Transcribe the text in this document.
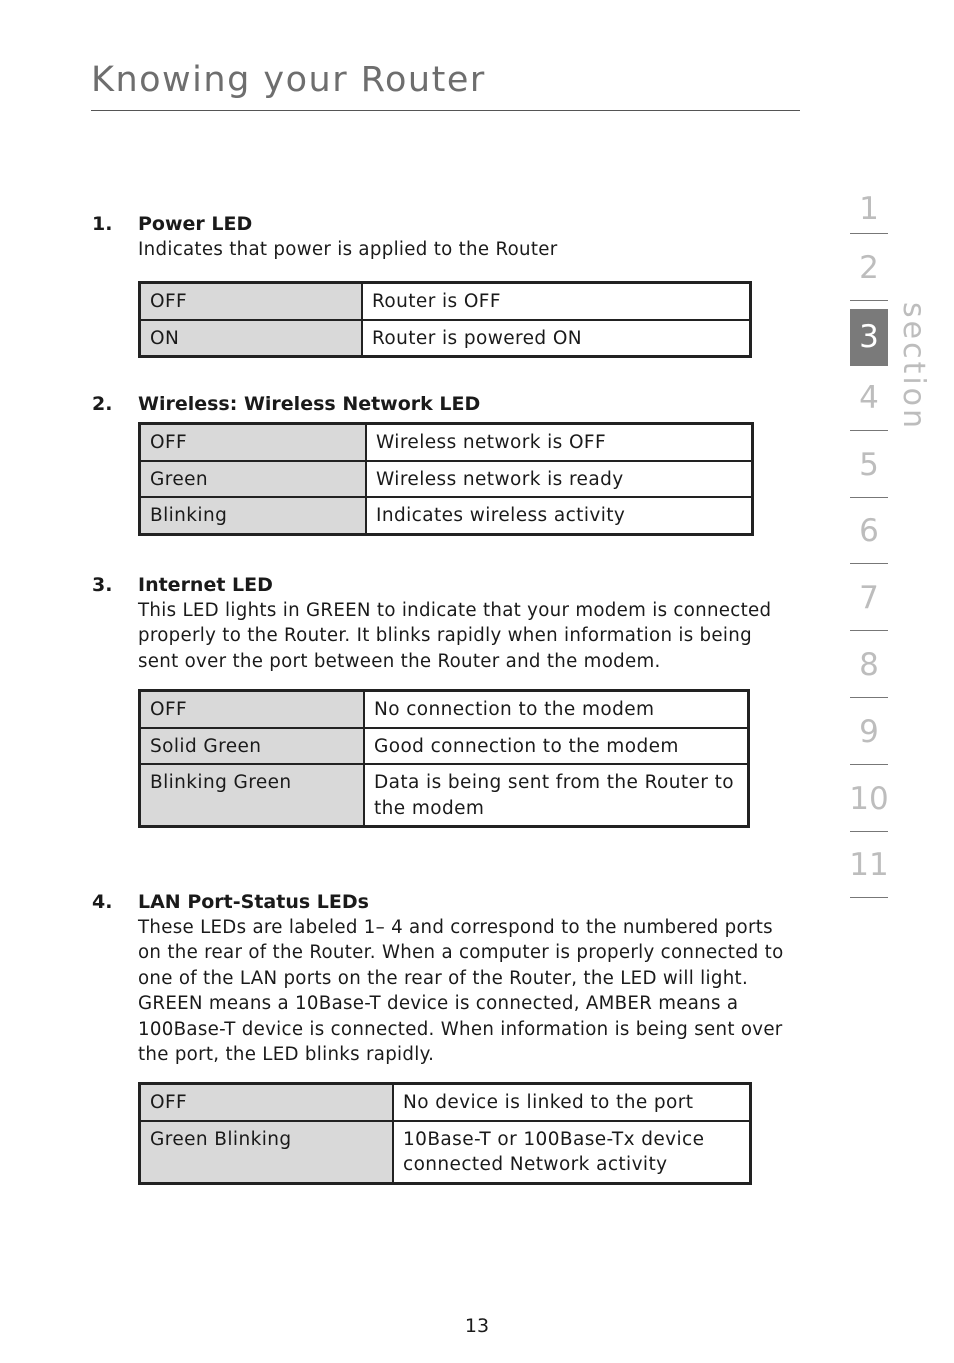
Knowing your Router
1. Power LED
Indicates that power is applied to the Router
OFF	Router is OFF
ON	Router is powered ON
2. Wireless: Wireless Network LED
OFF	Wireless network is OFF
Green	Wireless network is ready
Blinking	Indicates wireless activity
3. Internet LED
This LED lights in GREEN to indicate that your modem is connected properly to the Router. It blinks rapidly when information is being sent over the port between the Router and the modem.
OFF	No connection to the modem
Solid Green	Good connection to the modem
Blinking Green	Data is being sent from the Router to the modem
4. LAN Port-Status LEDs
These LEDs are labeled 1– 4 and correspond to the numbered ports on the rear of the Router. When a computer is properly connected to one of the LAN ports on the rear of the Router, the LED will light. GREEN means a 10Base-T device is connected, AMBER means a 100Base-T device is connected. When information is being sent over the port, the LED blinks rapidly.
OFF	No device is linked to the port
Green Blinking	10Base-T or 100Base-Tx device connected Network activity
1
2
3
4
5
6
7
8
9
10
11
section
13
